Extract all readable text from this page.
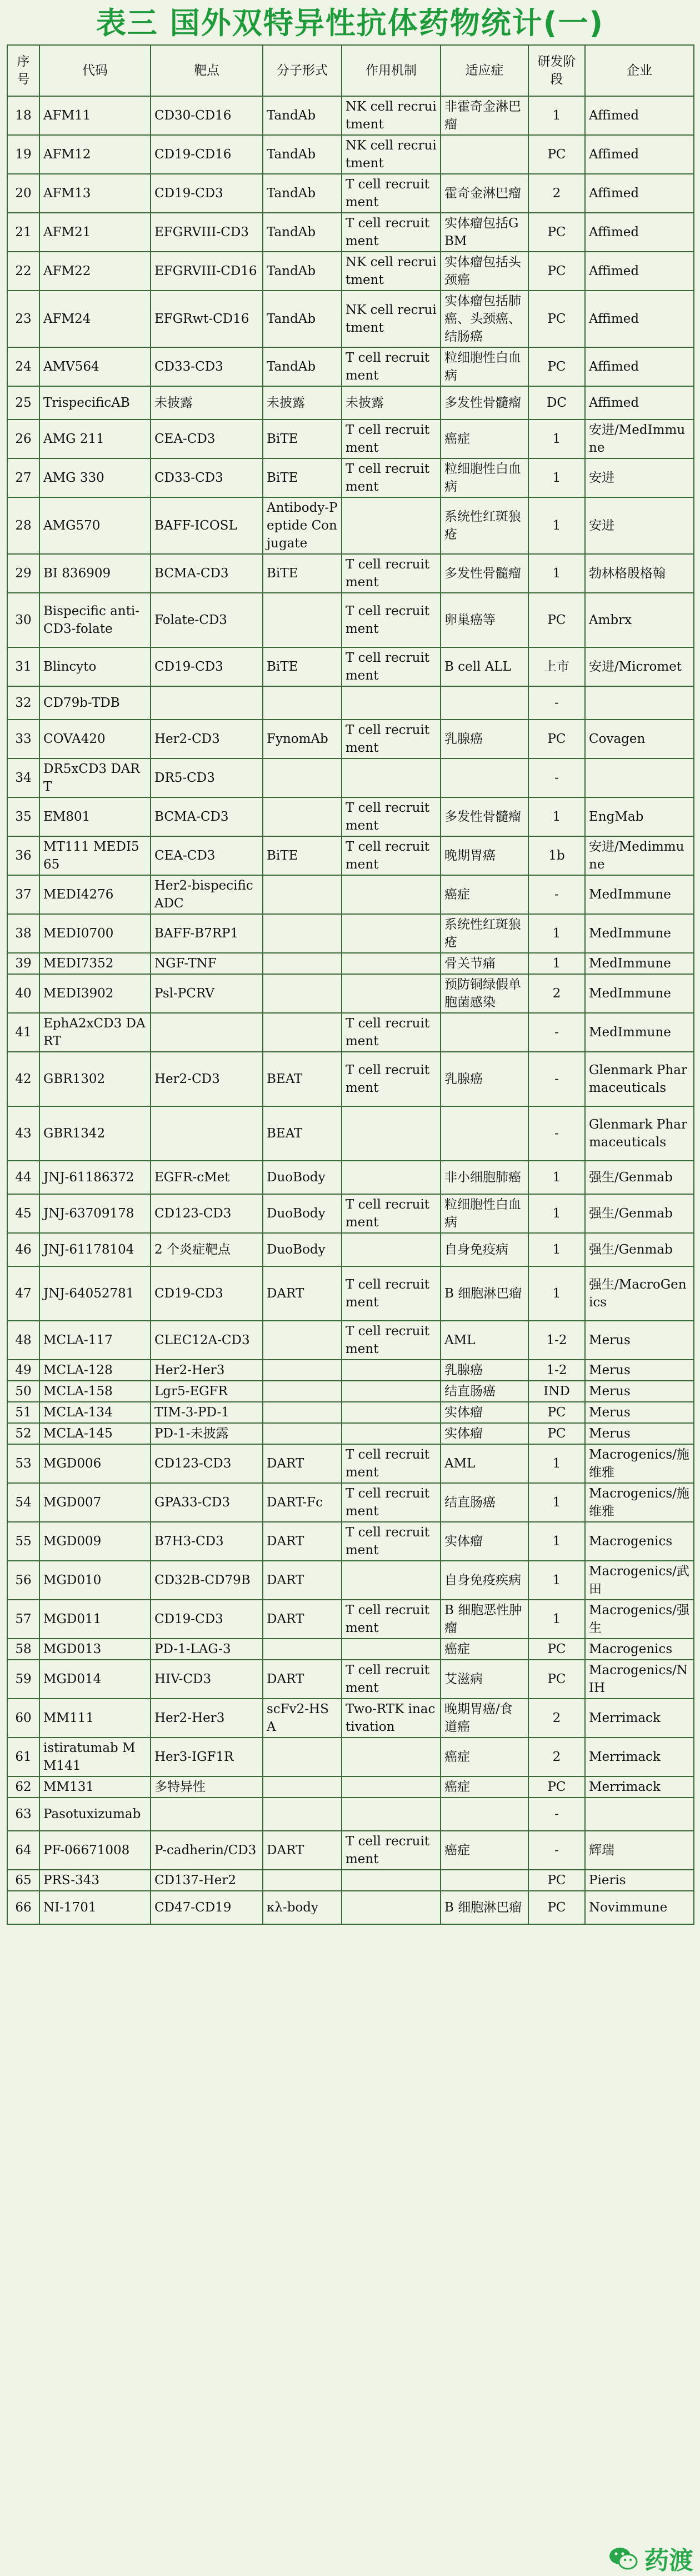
表三 国外双特异性抗体药物统计(一)
序号	代码	靶点	分子形式	作用机制	适应症	研发阶段	企业
18	AFM11	CD30-CD16	TandAb	NK cell recruitment	非霍奇金淋巴瘤	1	Affimed
19	AFM12	CD19-CD16	TandAb	NK cell recruitment		PC	Affimed
20	AFM13	CD19-CD3	TandAb	T cell recruitment	霍奇金淋巴瘤	2	Affimed
21	AFM21	EFGRVIII-CD3	TandAb	T cell recruitment	实体瘤包括GBM	PC	Affimed
22	AFM22	EFGRVIII-CD16	TandAb	NK cell recruitment	实体瘤包括头颈癌	PC	Affimed
23	AFM24	EFGRwt-CD16	TandAb	NK cell recruitment	实体瘤包括肺癌、头颈癌、结肠癌	PC	Affimed
24	AMV564	CD33-CD3	TandAb	T cell recruitment	粒细胞性白血病	PC	Affimed
25	TrispecificAB	未披露	未披露	未披露	多发性骨髓瘤	DC	Affimed
26	AMG 211	CEA-CD3	BiTE	T cell recruitment	癌症	1	安进/MedImmune
27	AMG 330	CD33-CD3	BiTE	T cell recruitment	粒细胞性白血病	1	安进
28	AMG570	BAFF-ICOSL	Antibody-Peptide Conjugate		系统性红斑狼疮	1	安进
29	BI 836909	BCMA-CD3	BiTE	T cell recruitment	多发性骨髓瘤	1	勃林格殷格翰
30	Bispecific anti-CD3-folate	Folate-CD3		T cell recruitment	卵巢癌等	PC	Ambrx
31	Blincyto	CD19-CD3	BiTE	T cell recruitment	B cell ALL	上市	安进/Micromet
32	CD79b-TDB					-	
33	COVA420	Her2-CD3	FynomAb	T cell recruitment	乳腺癌	PC	Covagen
34	DR5xCD3 DART	DR5-CD3				-	
35	EM801	BCMA-CD3		T cell recruitment	多发性骨髓瘤	1	EngMab
36	MT111 MEDI565	CEA-CD3	BiTE	T cell recruitment	晚期胃癌	1b	安进/Medimmune
37	MEDI4276	Her2-bispecific ADC			癌症	-	MedImmune
38	MEDI0700	BAFF-B7RP1			系统性红斑狼疮	1	MedImmune
39	MEDI7352	NGF-TNF			骨关节痛	1	MedImmune
40	MEDI3902	Psl-PCRV			预防铜绿假单胞菌感染	2	MedImmune
41	EphA2xCD3 DART			T cell recruitment		-	MedImmune
42	GBR1302	Her2-CD3	BEAT	T cell recruitment	乳腺癌	-	Glenmark Pharmaceuticals
43	GBR1342		BEAT			-	Glenmark Pharmaceuticals
44	JNJ-61186372	EGFR-cMet	DuoBody		非小细胞肺癌	1	强生/Genmab
45	JNJ-63709178	CD123-CD3	DuoBody	T cell recruitment	粒细胞性白血病	1	强生/Genmab
46	JNJ-61178104	2 个炎症靶点	DuoBody		自身免疫病	1	强生/Genmab
47	JNJ-64052781	CD19-CD3	DART	T cell recruitment	B 细胞淋巴瘤	1	强生/MacroGenics
48	MCLA-117	CLEC12A-CD3		T cell recruitment	AML	1-2	Merus
49	MCLA-128	Her2-Her3			乳腺癌	1-2	Merus
50	MCLA-158	Lgr5-EGFR			结直肠癌	IND	Merus
51	MCLA-134	TIM-3-PD-1			实体瘤	PC	Merus
52	MCLA-145	PD-1-未披露			实体瘤	PC	Merus
53	MGD006	CD123-CD3	DART	T cell recruitment	AML	1	Macrogenics/施维雅
54	MGD007	GPA33-CD3	DART-Fc	T cell recruitment	结直肠癌	1	Macrogenics/施维雅
55	MGD009	B7H3-CD3	DART	T cell recruitment	实体瘤	1	Macrogenics
56	MGD010	CD32B-CD79B	DART		自身免疫疾病	1	Macrogenics/武田
57	MGD011	CD19-CD3	DART	T cell recruitment	B 细胞恶性肿瘤	1	Macrogenics/强生
58	MGD013	PD-1-LAG-3			癌症	PC	Macrogenics
59	MGD014	HIV-CD3	DART	T cell recruitment	艾滋病	PC	Macrogenics/NIH
60	MM111	Her2-Her3	scFv2-HSA	Two-RTK inactivation	晚期胃癌/食道癌	2	Merrimack
61	istiratumab MM141	Her3-IGF1R			癌症	2	Merrimack
62	MM131	多特异性			癌症	PC	Merrimack
63	Pasotuxizumab					-	
64	PF-06671008	P-cadherin/CD3	DART	T cell recruitment	癌症	-	辉瑞
65	PRS-343	CD137-Her2				PC	Pieris
66	NI-1701	CD47-CD19	κλ-body		B 细胞淋巴瘤	PC	Novimmune
药渡
